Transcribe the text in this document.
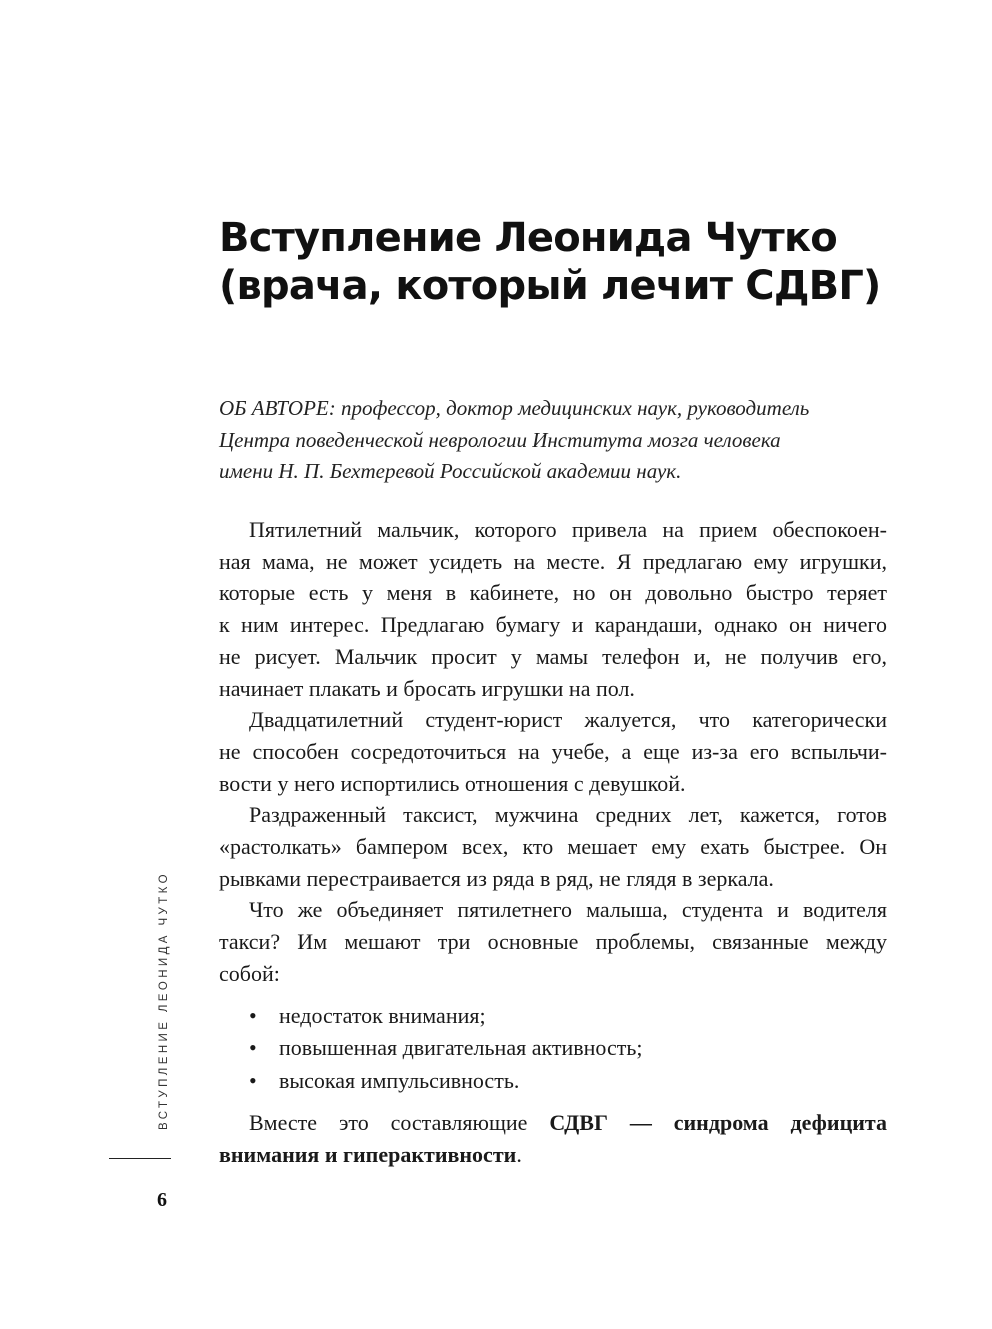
Вступление Леонида Чутко
(врача, который лечит СДВГ)

ОБ АВТОРЕ: профессор, доктор медицинских наук, руководитель
Центра поведенческой неврологии Института мозга человека
имени Н. П. Бехтеревой Российской академии наук.

Пятилетний мальчик, которого привела на прием обеспокоен-
ная мама, не может усидеть на месте. Я предлагаю ему игрушки,
которые есть у меня в кабинете, но он довольно быстро теряет
к ним интерес. Предлагаю бумагу и карандаши, однако он ничего
не рисует. Мальчик просит у мамы телефон и, не получив его,
начинает плакать и бросать игрушки на пол.
Двадцатилетний студент-юрист жалуется, что категорически
не способен сосредоточиться на учебе, а еще из-за его вспыльчи-
вости у него испортились отношения с девушкой.
Раздраженный таксист, мужчина средних лет, кажется, готов
«растолкать» бампером всех, кто мешает ему ехать быстрее. Он
рывками перестраивается из ряда в ряд, не глядя в зеркала.
Что же объединяет пятилетнего малыша, студента и водителя
такси? Им мешают три основные проблемы, связанные между
собой:
• недостаток внимания;
• повышенная двигательная активность;
• высокая импульсивность.
Вместе это составляющие СДВГ — синдрома дефицита
внимания и гиперактивности.
ВСТУПЛЕНИЕ ЛЕОНИДА ЧУТКО
6
